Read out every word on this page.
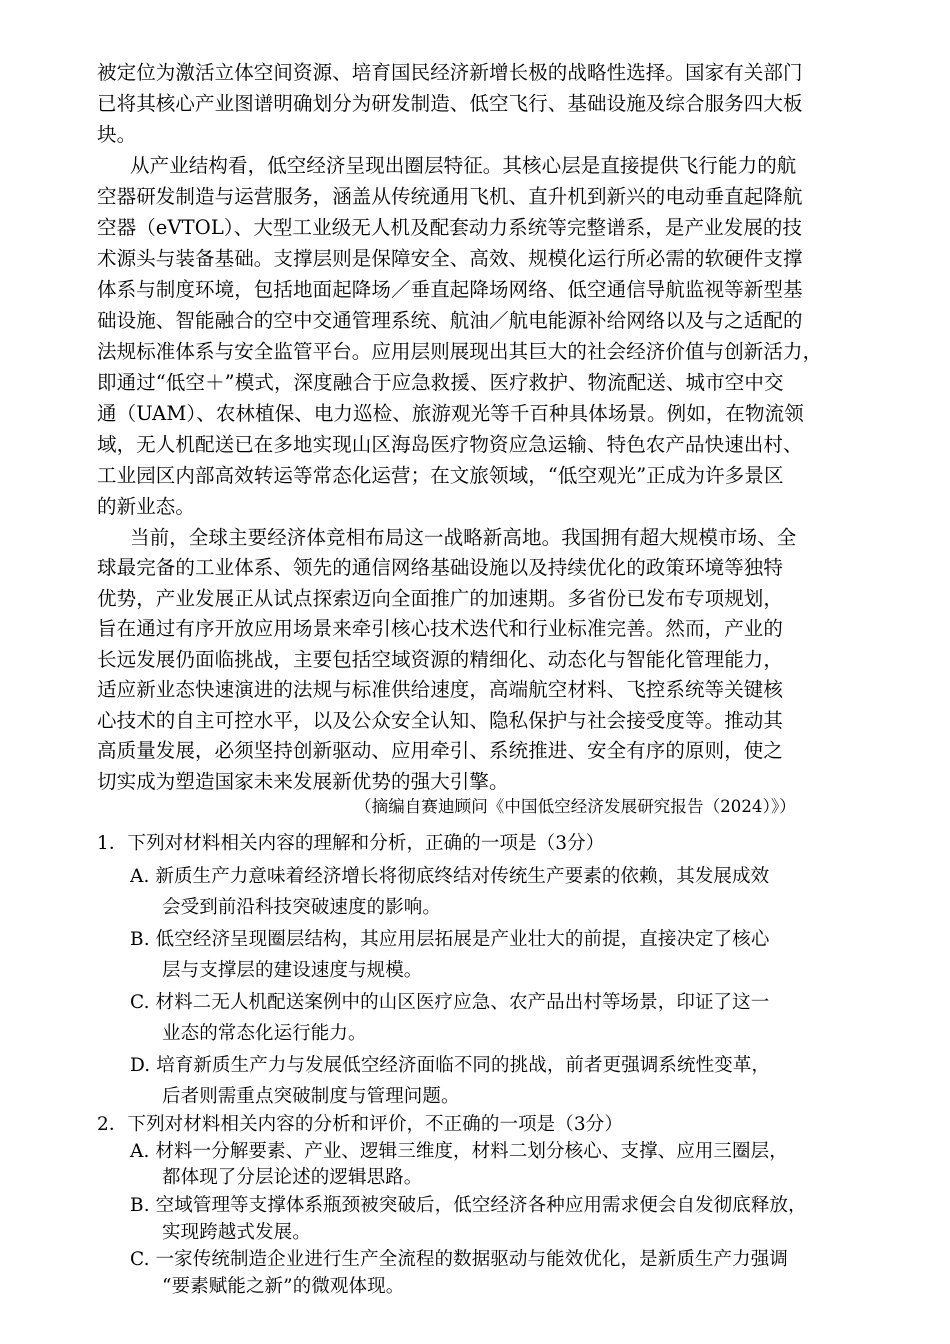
被定位为激活立体空间资源、培育国民经济新增长极的战略性选择。国家有关部门
已将其核心产业图谱明确划分为研发制造、低空飞行、基础设施及综合服务四大板
块。
从产业结构看，低空经济呈现出圈层特征。其核心层是直接提供飞行能力的航
空器研发制造与运营服务，涵盖从传统通用飞机、直升机到新兴的电动垂直起降航
空器（eVTOL）、大型工业级无人机及配套动力系统等完整谱系，是产业发展的技
术源头与装备基础。支撑层则是保障安全、高效、规模化运行所必需的软硬件支撑
体系与制度环境，包括地面起降场／垂直起降场网络、低空通信导航监视等新型基
础设施、智能融合的空中交通管理系统、航油／航电能源补给网络以及与之适配的
法规标准体系与安全监管平台。应用层则展现出其巨大的社会经济价值与创新活力，
即通过“低空＋”模式，深度融合于应急救援、医疗救护、物流配送、城市空中交
通（UAM）、农林植保、电力巡检、旅游观光等千百种具体场景。例如，在物流领
域，无人机配送已在多地实现山区海岛医疗物资应急运输、特色农产品快速出村、
工业园区内部高效转运等常态化运营；在文旅领域，“低空观光”正成为许多景区
的新业态。
当前，全球主要经济体竞相布局这一战略新高地。我国拥有超大规模市场、全
球最完备的工业体系、领先的通信网络基础设施以及持续优化的政策环境等独特
优势，产业发展正从试点探索迈向全面推广的加速期。多省份已发布专项规划，
旨在通过有序开放应用场景来牵引核心技术迭代和行业标准完善。然而，产业的
长远发展仍面临挑战，主要包括空域资源的精细化、动态化与智能化管理能力，
适应新业态快速演进的法规与标准供给速度，高端航空材料、飞控系统等关键核
心技术的自主可控水平，以及公众安全认知、隐私保护与社会接受度等。推动其
高质量发展，必须坚持创新驱动、应用牵引、系统推进、安全有序的原则，使之
切实成为塑造国家未来发展新优势的强大引擎。
（摘编自赛迪顾问《中国低空经济发展研究报告（2024）》）
1．下列对材料相关内容的理解和分析，正确的一项是（3分）
A. 新质生产力意味着经济增长将彻底终结对传统生产要素的依赖，其发展成效
会受到前沿科技突破速度的影响。
B. 低空经济呈现圈层结构，其应用层拓展是产业壮大的前提，直接决定了核心
层与支撑层的建设速度与规模。
C. 材料二无人机配送案例中的山区医疗应急、农产品出村等场景，印证了这一
业态的常态化运行能力。
D. 培育新质生产力与发展低空经济面临不同的挑战，前者更强调系统性变革，
后者则需重点突破制度与管理问题。
2．下列对材料相关内容的分析和评价，不正确的一项是（3分）
A. 材料一分解要素、产业、逻辑三维度，材料二划分核心、支撑、应用三圈层，
都体现了分层论述的逻辑思路。
B. 空域管理等支撑体系瓶颈被突破后，低空经济各种应用需求便会自发彻底释放，
实现跨越式发展。
C. 一家传统制造企业进行生产全流程的数据驱动与能效优化，是新质生产力强调
“要素赋能之新”的微观体现。
